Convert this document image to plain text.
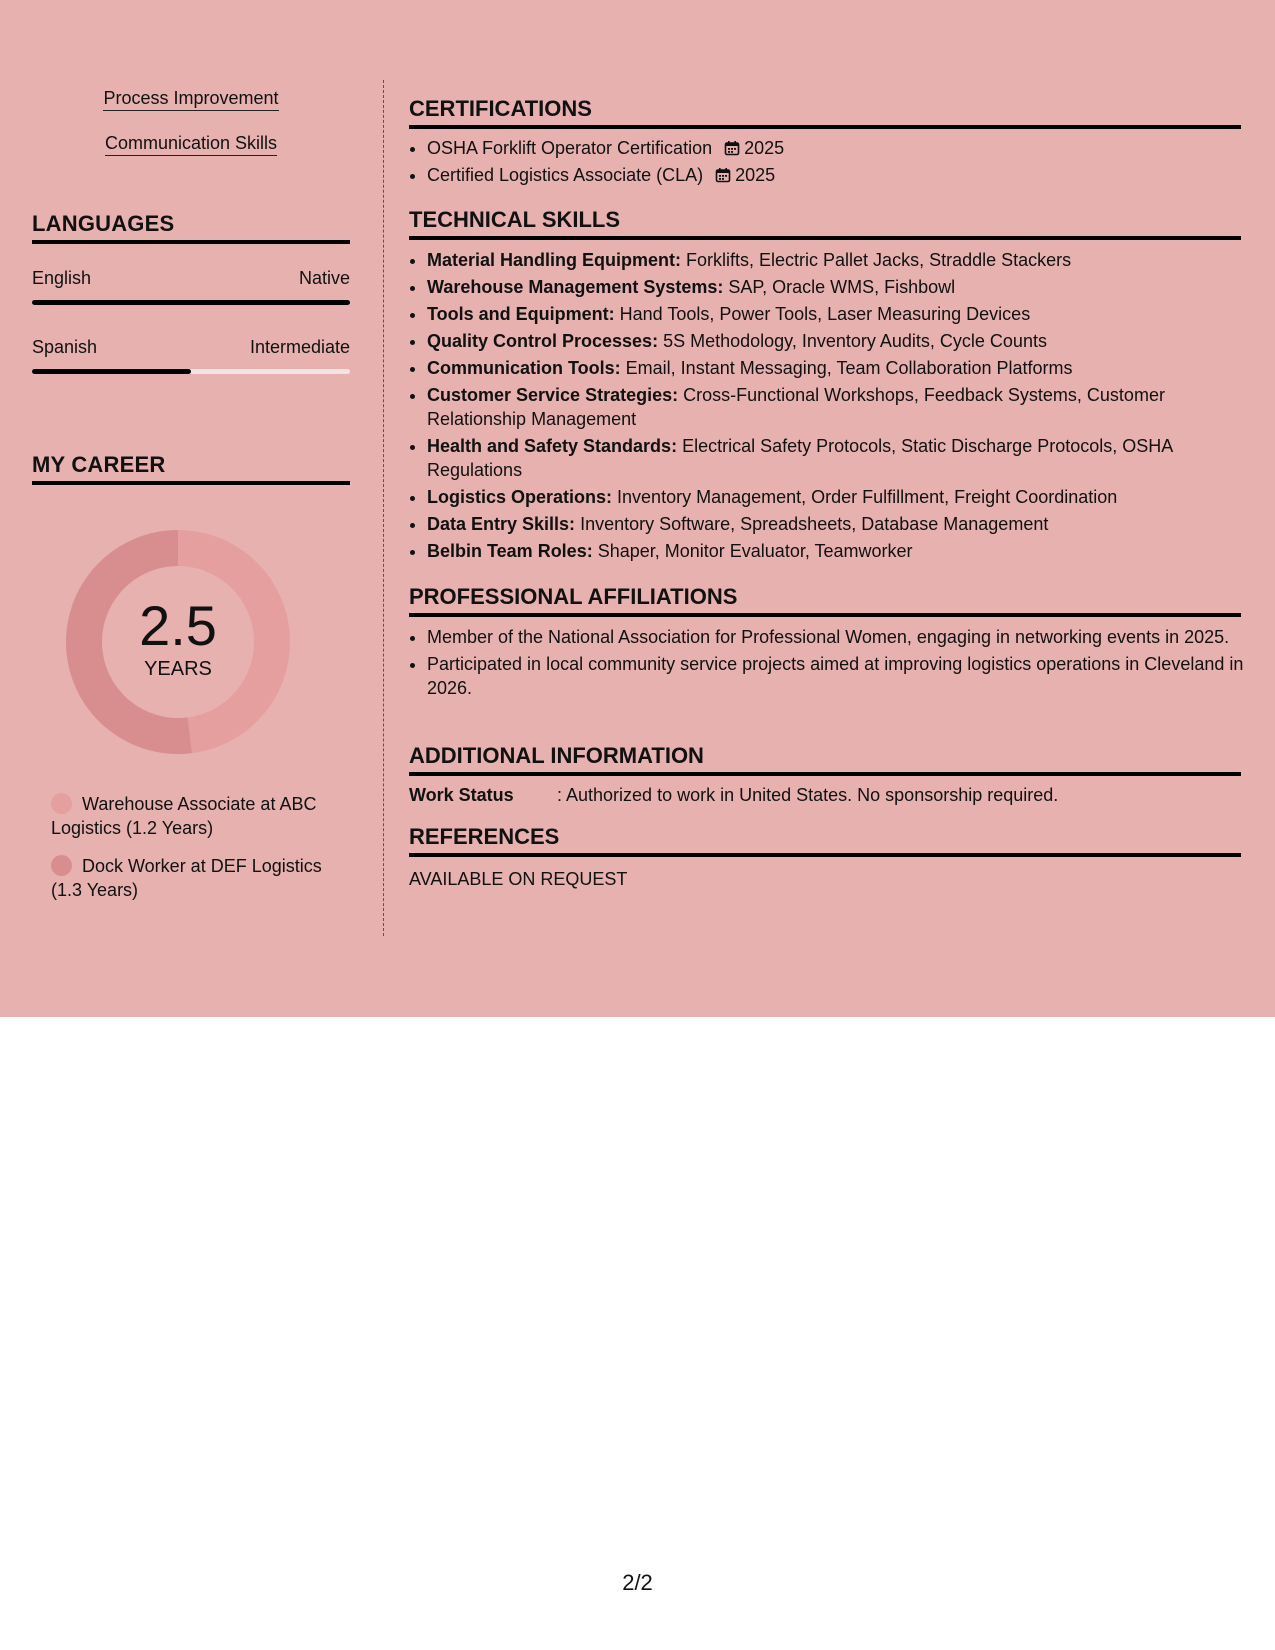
Process Improvement
Communication Skills
LANGUAGES
English	Native
Spanish	Intermediate
MY CAREER
2.5
YEARS
Warehouse Associate at ABC Logistics (1.2 Years)
Dock Worker at DEF Logistics (1.3 Years)
CERTIFICATIONS
• OSHA Forklift Operator Certification 2025
• Certified Logistics Associate (CLA) 2025
TECHNICAL SKILLS
• Material Handling Equipment: Forklifts, Electric Pallet Jacks, Straddle Stackers
• Warehouse Management Systems: SAP, Oracle WMS, Fishbowl
• Tools and Equipment: Hand Tools, Power Tools, Laser Measuring Devices
• Quality Control Processes: 5S Methodology, Inventory Audits, Cycle Counts
• Communication Tools: Email, Instant Messaging, Team Collaboration Platforms
• Customer Service Strategies: Cross-Functional Workshops, Feedback Systems, Customer Relationship Management
• Health and Safety Standards: Electrical Safety Protocols, Static Discharge Protocols, OSHA Regulations
• Logistics Operations: Inventory Management, Order Fulfillment, Freight Coordination
• Data Entry Skills: Inventory Software, Spreadsheets, Database Management
• Belbin Team Roles: Shaper, Monitor Evaluator, Teamworker
PROFESSIONAL AFFILIATIONS
• Member of the National Association for Professional Women, engaging in networking events in 2025.
• Participated in local community service projects aimed at improving logistics operations in Cleveland in 2026.
ADDITIONAL INFORMATION
Work Status : Authorized to work in United States. No sponsorship required.
REFERENCES
AVAILABLE ON REQUEST
2/2
